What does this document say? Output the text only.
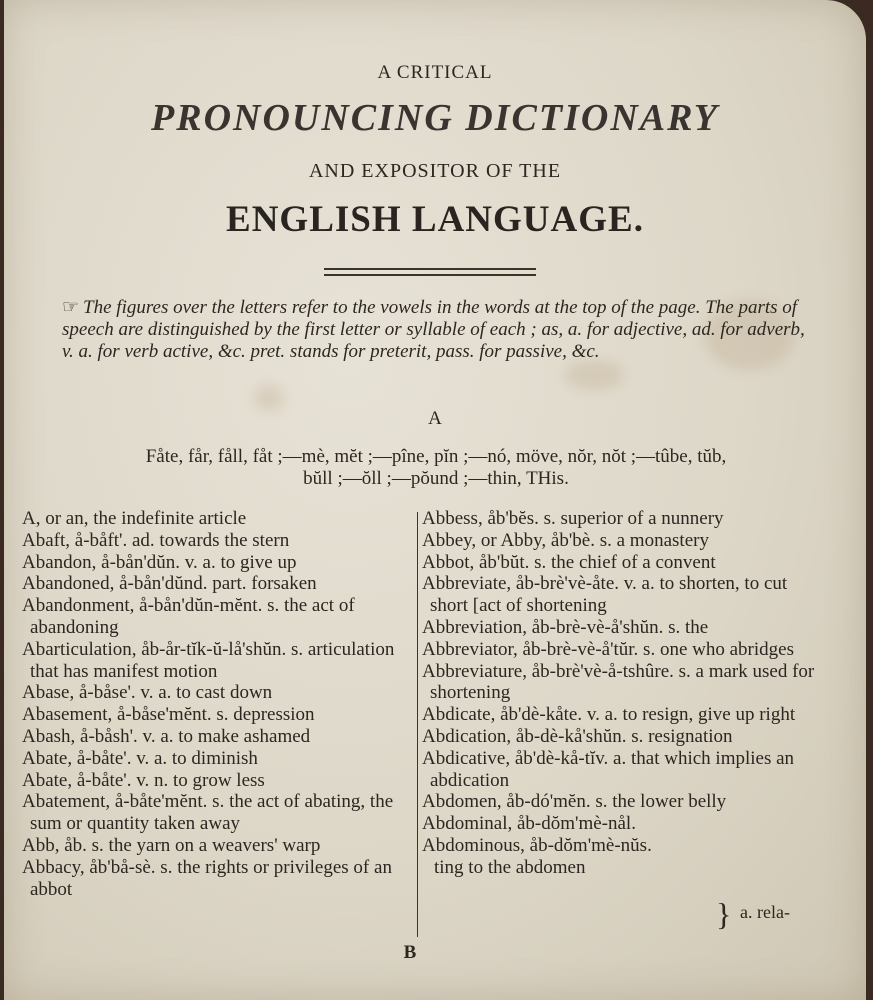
A CRITICAL
PRONOUNCING DICTIONARY
AND EXPOSITOR OF THE
ENGLISH LANGUAGE.
☞ The figures over the letters refer to the vowels in the words at the top of the page. The parts of speech are distinguished by the first letter or syllable of each ; as, a. for adjective, ad. for adverb, v. a. for verb active, &c. pret. stands for preterit, pass. for passive, &c.
A
Fåte, får, fåll, fåt ;—mè, mĕt ;—pîne, pĭn ;—nó, möve, nŏr, nŏt ;—tûbe, tŭb,
bŭll ;—ŏll ;—pŏund ;—thin, THis.

A, or an, the indefinite article

Abaft, å-båft'. ad. towards the stern

Abandon, å-bån'dŭn. v. a. to give up

Abandoned, å-bån'dŭnd. part. forsaken

Abandonment, å-bån'dŭn-mĕnt. s. the act of abandoning

Abarticulation, åb-år-tĭk-ŭ-lå'shŭn. s. articulation that has manifest motion

Abase, å-båse'. v. a. to cast down

Abasement, å-båse'mĕnt. s. depression

Abash, å-båsh'. v. a. to make ashamed

Abate, å-båte'. v. a. to diminish

Abate, å-båte'. v. n. to grow less

Abatement, å-båte'mĕnt. s. the act of abating, the sum or quantity taken away

Abb, åb. s. the yarn on a weavers' warp

Abbacy, åb'bå-sè. s. the rights or privileges of an abbot

Abbess, åb'bĕs. s. superior of a nunnery

Abbey, or Abby, åb'bè. s. a monastery

Abbot, åb'bŭt. s. the chief of a convent

Abbreviate, åb-brè'vè-åte. v. a. to shorten, to cut short [act of shortening

Abbreviation, åb-brè-vè-å'shŭn. s. the

Abbreviator, åb-brè-vè-å'tŭr. s. one who abridges

Abbreviature, åb-brè'vè-å-tshûre. s. a mark used for shortening

Abdicate, åb'dè-kåte. v. a. to resign, give up right

Abdication, åb-dè-kå'shŭn. s. resignation

Abdicative, åb'dè-kå-tĭv. a. that which implies an abdication

Abdomen, åb-dó'mĕn. s. the lower belly

Abdominal, åb-dŏm'mè-nål.

Abdominous, åb-dŏm'mè-nŭs.

ting to the abdomen

} a. rela-
B
